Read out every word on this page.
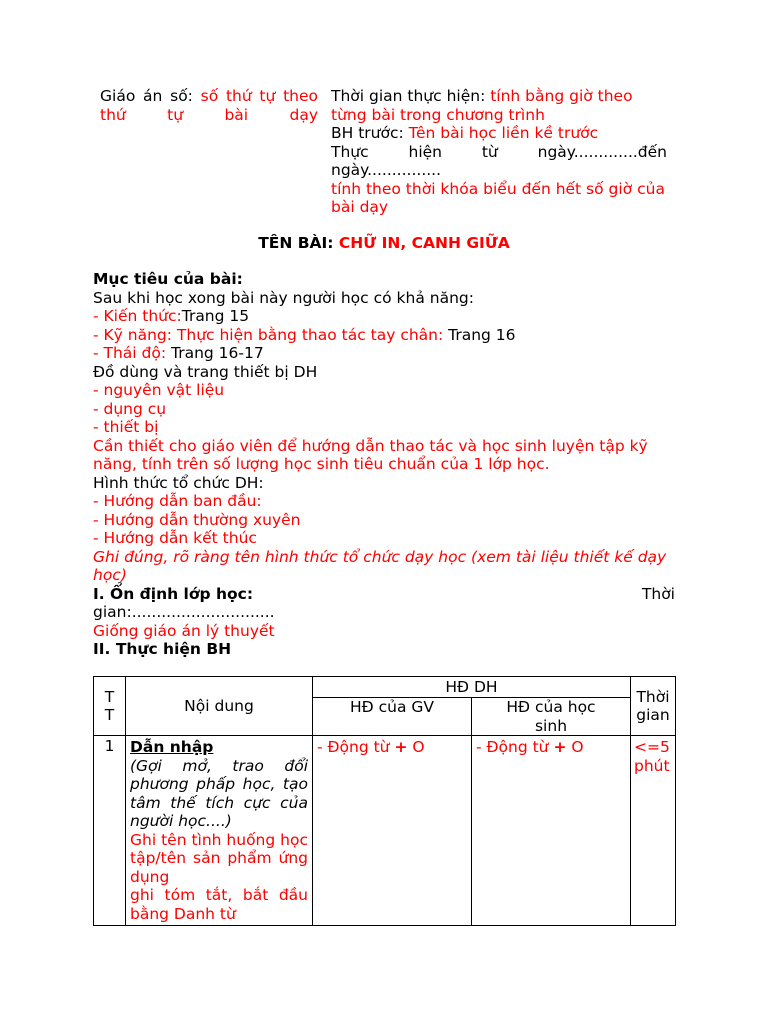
Giáo án số: số thứ tự theo thứ tự bài dạy
Thời gian thực hiện: tính bằng giờ theo từng bài trong chương trình
BH trước: Tên bài học liền kề trước
Thực hiện từ ngày.............đến ngày...............
tính theo thời khóa biểu đến hết số giờ của bài dạy
TÊN BÀI: CHỮ IN, CANH GIỮA

Mục tiêu của bài:

Sau khi học xong bài này người học có khả năng:

- Kiến thức:Trang 15

- Kỹ năng: Thực hiện bằng thao tác tay chân: Trang 16

- Thái độ: Trang 16-17

Đồ dùng và trang thiết bị DH

- nguyên vật liệu

- dụng cụ

- thiết bị

Cần thiết cho giáo viên để hướng dẫn thao tác và học sinh luyện tập kỹ năng, tính trên số lượng học sinh tiêu chuẩn của 1 lớp học.

Hình thức tổ chức DH:

- Hướng dẫn ban đầu:

- Hướng dẫn thường xuyên

- Hướng dẫn kết thúc

Ghi đúng, rõ ràng tên hình thức tổ chức dạy học (xem tài liệu thiết kế dạy học)

I. Ổn định lớp học:	Thời

gian:.............................

Giống giáo án lý thuyết

II. Thực hiện BH

T T	Nội dung	HĐ DH		Thời gian
		HĐ của GV	HĐ của học sinh	
1	Dẫn nhập
(Gợi mở, trao đổi phương phấp học, tạo tâm thế tích cực của người học....)
Ghi tên tình huống học tập/tên sản phẩm ứng dụng
ghi tóm tắt, bắt đầu bằng Danh từ	- Động từ + O	- Động từ + O	<=5 phút
